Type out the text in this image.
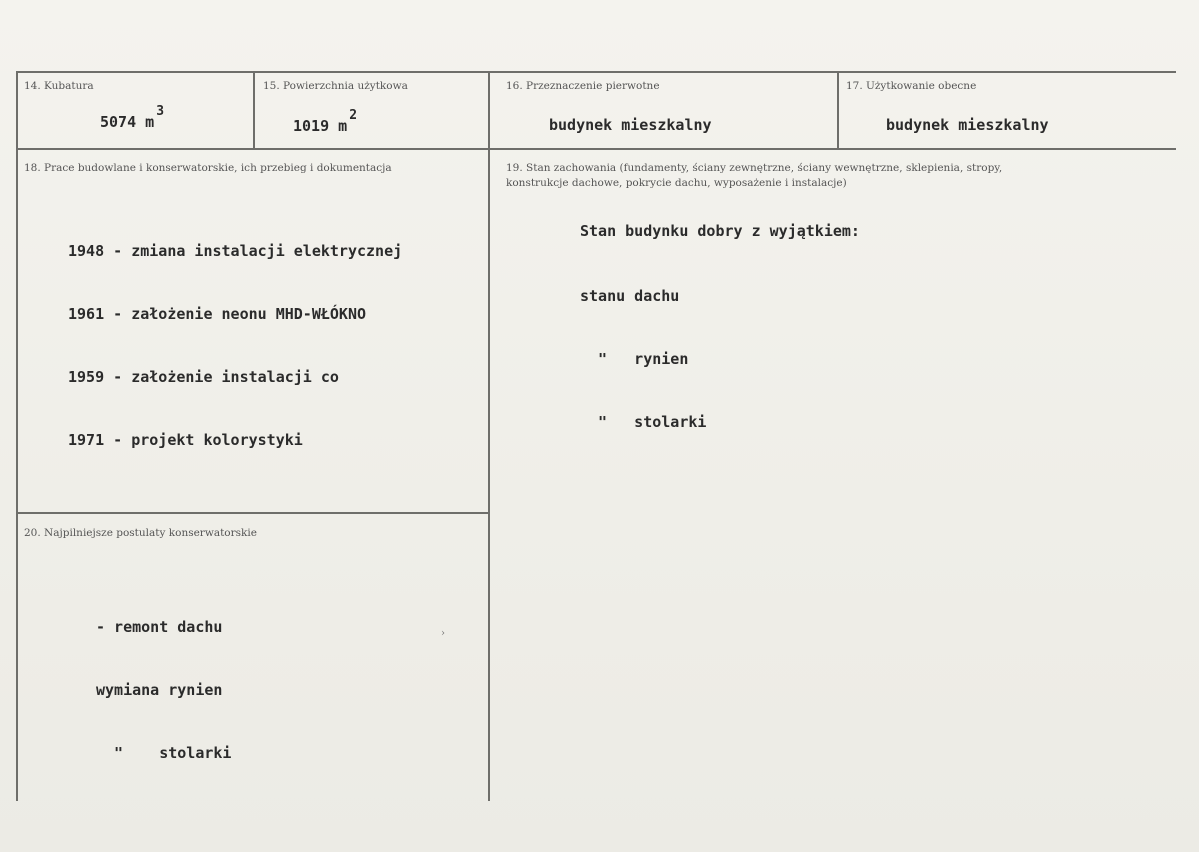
14. Kubatura
5074 m3
15. Powierzchnia użytkowa
1019 m2
16. Przeznaczenie pierwotne
budynek mieszkalny
17. Użytkowanie obecne
budynek mieszkalny
18. Prace budowlane i konserwatorskie, ich przebieg i dokumentacja

1948 - zmiana instalacji elektrycznej

1961 - założenie neonu MHD-WŁÓKNO

1959 - założenie instalacji co

1971 - projekt kolorystyki

19. Stan zachowania (fundamenty, ściany zewnętrzne, ściany wewnętrzne, sklepienia, stropy,
konstrukcje dachowe, pokrycie dachu, wyposażenie i instalacje)
Stan budynku dobry z wyjątkiem:

stanu dachu

"   rynien

"   stolarki

20. Najpilniejsze postulaty konserwatorskie

- remont dachu

wymiana rynien

"    stolarki

›
